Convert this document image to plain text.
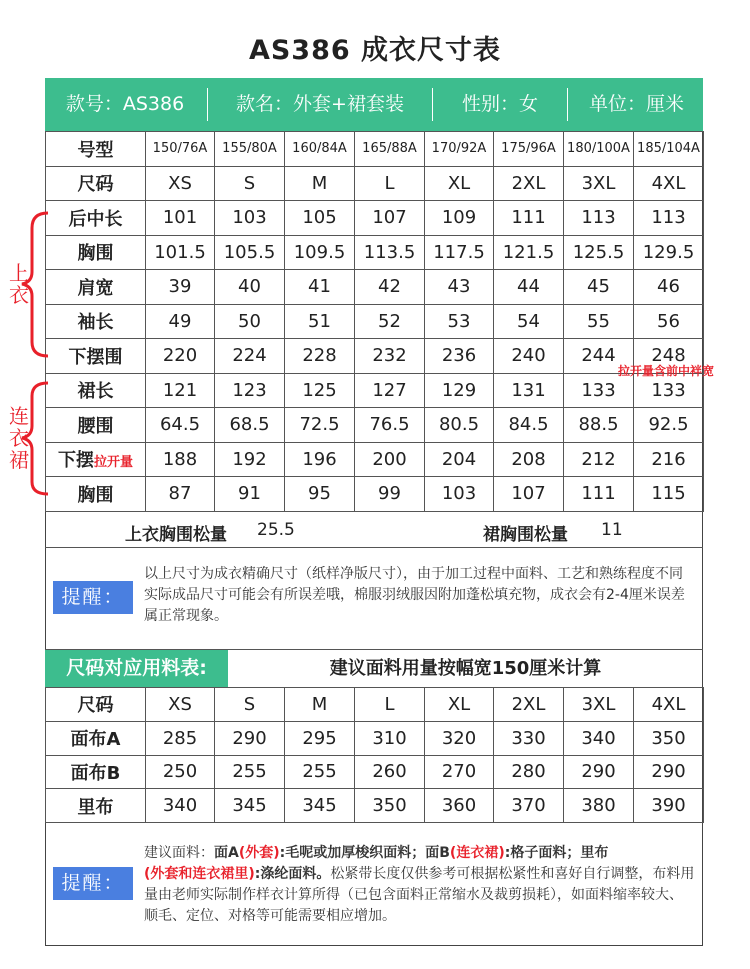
AS386 成衣尺寸表
款号：AS386	款名：外套+裙套装	性别：女	单位：厘米
号型	150/76A	155/80A	160/84A	165/88A	170/92A	175/96A	180/100A	185/104A
尺码	XS	S	M	L	XL	2XL	3XL	4XL
后中长	101	103	105	107	109	111	113	113
胸围	101.5	105.5	109.5	113.5	117.5	121.5	125.5	129.5
肩宽	39	40	41	42	43	44	45	46
袖长	49	50	51	52	53	54	55	56
下摆围	220	224	228	232	236	240	244	248
裙长	121	123	125	127	129	131	133	133
腰围	64.5	68.5	72.5	76.5	80.5	84.5	88.5	92.5
下摆拉开量	188	192	196	200	204	208	212	216
胸围	87	91	95	99	103	107	111	115
上衣
连衣裙
拉开量含前中袢宽
上衣胸围松量 25.5	裙胸围松量 11
提醒：
以上尺寸为成衣精确尺寸（纸样净版尺寸），由于加工过程中面料、工艺和熟练程度不同实际成品尺寸可能会有所误差哦，棉服羽绒服因附加蓬松填充物，成衣会有2-4厘米误差属正常现象。
尺码对应用料表:	建议面料用量按幅宽150厘米计算
尺码	XS	S	M	L	XL	2XL	3XL	4XL
面布A	285	290	295	310	320	330	340	350
面布B	250	255	255	260	270	280	290	290
里布	340	345	345	350	360	370	380	390
提醒：
建议面料：面A(外套):毛呢或加厚梭织面料；面B(连衣裙):格子面料；里布
(外套和连衣裙里):涤纶面料。松紧带长度仅供参考可根据松紧性和喜好自行调整，布料用量由老师实际制作样衣计算所得（已包含面料正常缩水及裁剪损耗），如面料缩率较大、顺毛、定位、对格等可能需要相应增加。
